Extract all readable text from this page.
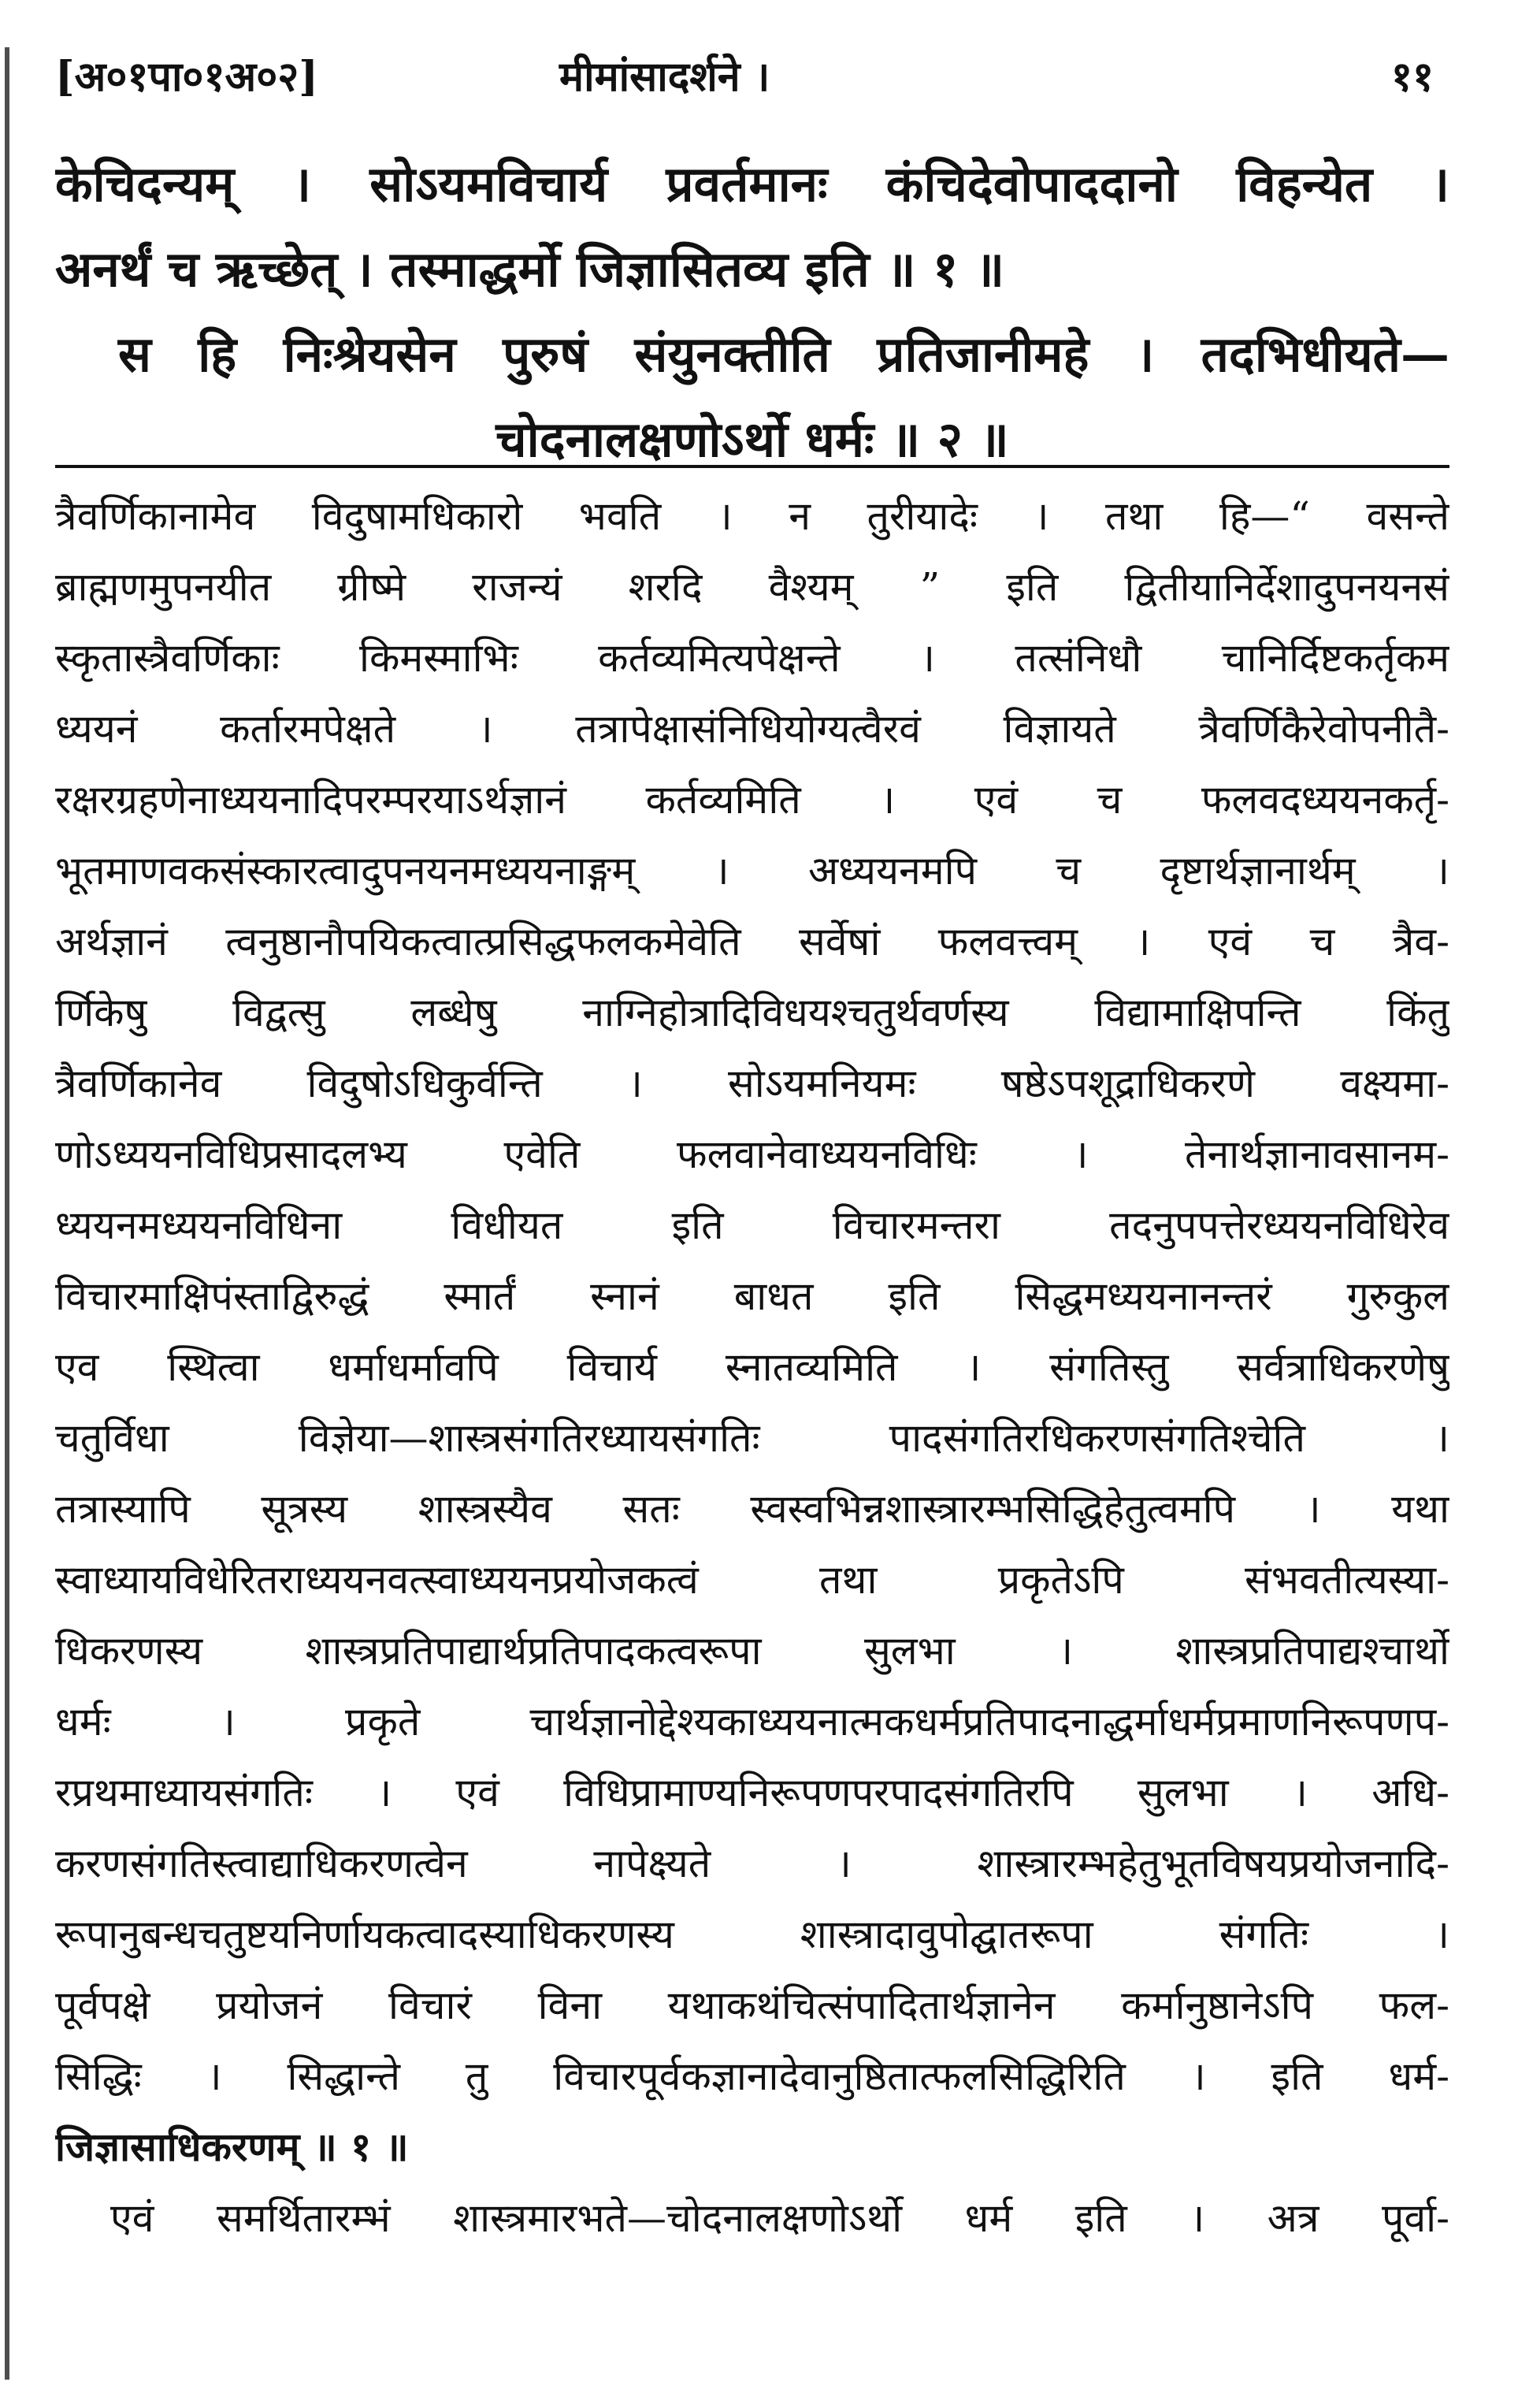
[अ०१पा०१अ०२]	मीमांसादर्शने ।	११
केचिदन्यम् । सोऽयमविचार्य प्रवर्तमानः कंचिदेवोपाददानो विहन्येत ।
अनर्थं च ऋच्छेत् । तस्माद्धर्मो जिज्ञासितव्य इति ॥ १ ॥
स हि निःश्रेयसेन पुरुषं संयुनक्तीति प्रतिजानीमहे । तदभिधीयते—
चोदनालक्षणोऽर्थो धर्मः ॥ २ ॥
त्रैवर्णिकानामेव विदुषामधिकारो भवति । न तुरीयादेः । तथा हि—“ वसन्ते
ब्राह्मणमुपनयीत ग्रीष्मे राजन्यं शरदि वैश्यम् ” इति द्वितीयानिर्देशादुपनयनसं
स्कृतास्त्रैवर्णिकाः किमस्माभिः कर्तव्यमित्यपेक्षन्ते । तत्संनिधौ चानिर्दिष्टकर्तृकम
ध्ययनं कर्तारमपेक्षते । तत्रापेक्षासंनिधियोग्यत्वैरवं विज्ञायते त्रैवर्णिकैरेवोपनीतै-
रक्षरग्रहणेनाध्ययनादिपरम्परयाऽर्थज्ञानं कर्तव्यमिति । एवं च फलवदध्ययनकर्तृ-
भूतमाणवकसंस्कारत्वादुपनयनमध्ययनाङ्गम् । अध्ययनमपि च दृष्टार्थज्ञानार्थम् ।
अर्थज्ञानं त्वनुष्ठानौपयिकत्वात्प्रसिद्धफलकमेवेति सर्वेषां फलवत्त्वम् । एवं च त्रैव-
र्णिकेषु विद्वत्सु लब्धेषु नाग्निहोत्रादिविधयश्चतुर्थवर्णस्य विद्यामाक्षिपन्ति किंतु
त्रैवर्णिकानेव विदुषोऽधिकुर्वन्ति । सोऽयमनियमः षष्ठेऽपशूद्राधिकरणे वक्ष्यमा-
णोऽध्ययनविधिप्रसादलभ्य एवेति फलवानेवाध्ययनविधिः । तेनार्थज्ञानावसानम-
ध्ययनमध्ययनविधिना विधीयत इति विचारमन्तरा तदनुपपत्तेरध्ययनविधिरेव
विचारमाक्षिपंस्ताद्विरुद्धं स्मार्तं स्नानं बाधत इति सिद्धमध्ययनानन्तरं गुरुकुल
एव स्थित्वा धर्माधर्मावपि विचार्य स्नातव्यमिति । संगतिस्तु सर्वत्राधिकरणेषु
चतुर्विधा विज्ञेया—शास्त्रसंगतिरध्यायसंगतिः पादसंगतिरधिकरणसंगतिश्चेति ।
तत्रास्यापि सूत्रस्य शास्त्रस्यैव सतः स्वस्वभिन्नशास्त्रारम्भसिद्धिहेतुत्वमपि । यथा
स्वाध्यायविधेरितराध्ययनवत्स्वाध्ययनप्रयोजकत्वं तथा प्रकृतेऽपि संभवतीत्यस्या-
धिकरणस्य शास्त्रप्रतिपाद्यार्थप्रतिपादकत्वरूपा सुलभा । शास्त्रप्रतिपाद्यश्चार्थो
धर्मः । प्रकृते चार्थज्ञानोद्देश्यकाध्ययनात्मकधर्मप्रतिपादनाद्धर्माधर्मप्रमाणनिरूपणप-
रप्रथमाध्यायसंगतिः । एवं विधिप्रामाण्यनिरूपणपरपादसंगतिरपि सुलभा । अधि-
करणसंगतिस्त्वाद्याधिकरणत्वेन नापेक्ष्यते । शास्त्रारम्भहेतुभूतविषयप्रयोजनादि-
रूपानुबन्धचतुष्टयनिर्णायकत्वादस्याधिकरणस्य शास्त्रादावुपोद्घातरूपा संगतिः ।
पूर्वपक्षे प्रयोजनं विचारं विना यथाकथंचित्संपादितार्थज्ञानेन कर्मानुष्ठानेऽपि फल-
सिद्धिः । सिद्धान्ते तु विचारपूर्वकज्ञानादेवानुष्ठितात्फलसिद्धिरिति । इति धर्म-
जिज्ञासाधिकरणम् ॥ १ ॥
एवं समर्थितारम्भं शास्त्रमारभते—चोदनालक्षणोऽर्थो धर्म इति । अत्र पूर्वा-
